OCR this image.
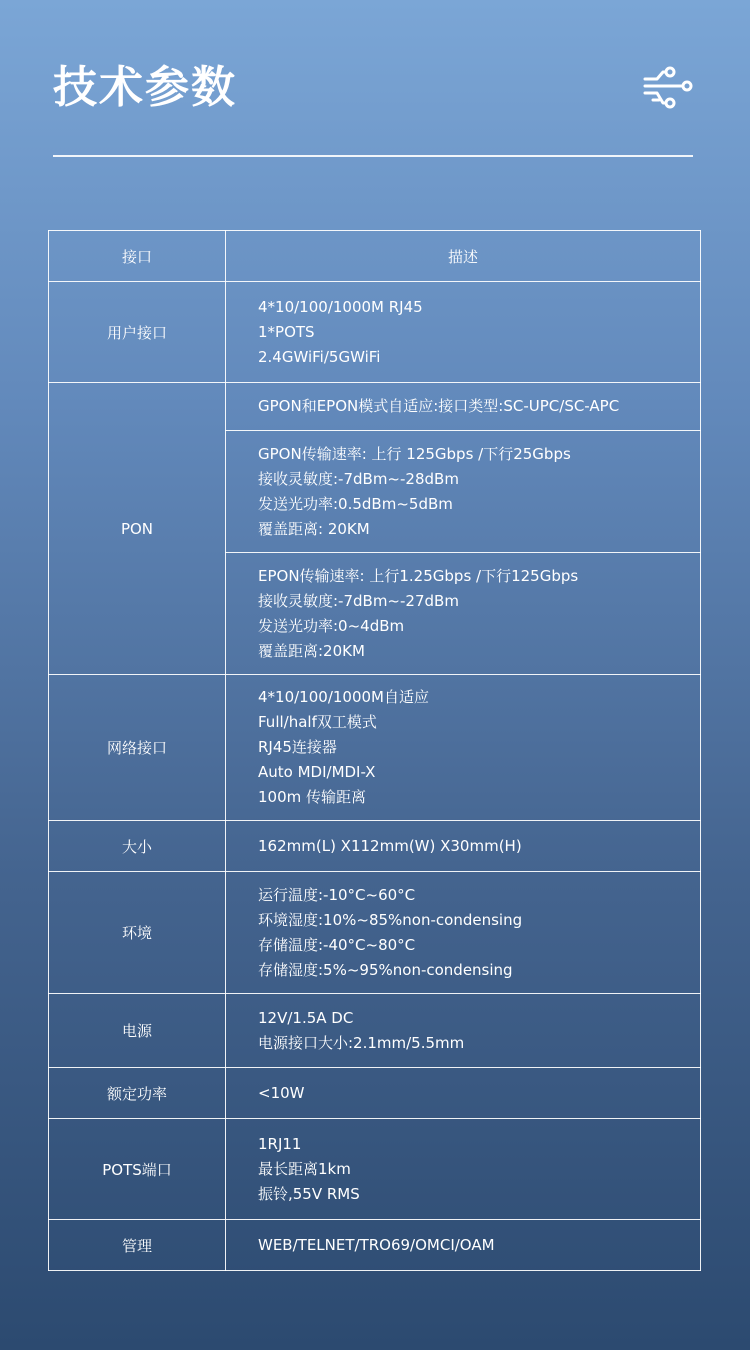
技术参数
接口	描述
用户接口	4*10/100/1000M RJ45
1*POTS
2.4GWiFi/5GWiFi

PON	GPON和EPON模式自适应:接口类型:SC-UPC/SC-APC

	GPON传输速率: 上行 125Gbps /下行25Gbps
接收灵敏度:-7dBm~-28dBm
发送光功率:0.5dBm~5dBm
覆盖距离: 20KM

	EPON传输速率: 上行1.25Gbps /下行125Gbps
接收灵敏度:-7dBm~-27dBm
发送光功率:0~4dBm
覆盖距离:20KM

网络接口	4*10/100/1000M自适应
Full/half双工模式
RJ45连接器
Auto MDI/MDI-X
100m 传输距离

大小	162mm(L) X112mm(W) X30mm(H)

环境	运行温度:-10°C~60°C
环境湿度:10%~85%non-condensing
存储温度:-40°C~80°C
存储湿度:5%~95%non-condensing

电源	12V/1.5A DC
电源接口大小:2.1mm/5.5mm

额定功率	<10W

POTS端口	1RJ11
最长距离1km
振铃,55V RMS

管理	WEB/TELNET/TRO69/OMCI/OAM
